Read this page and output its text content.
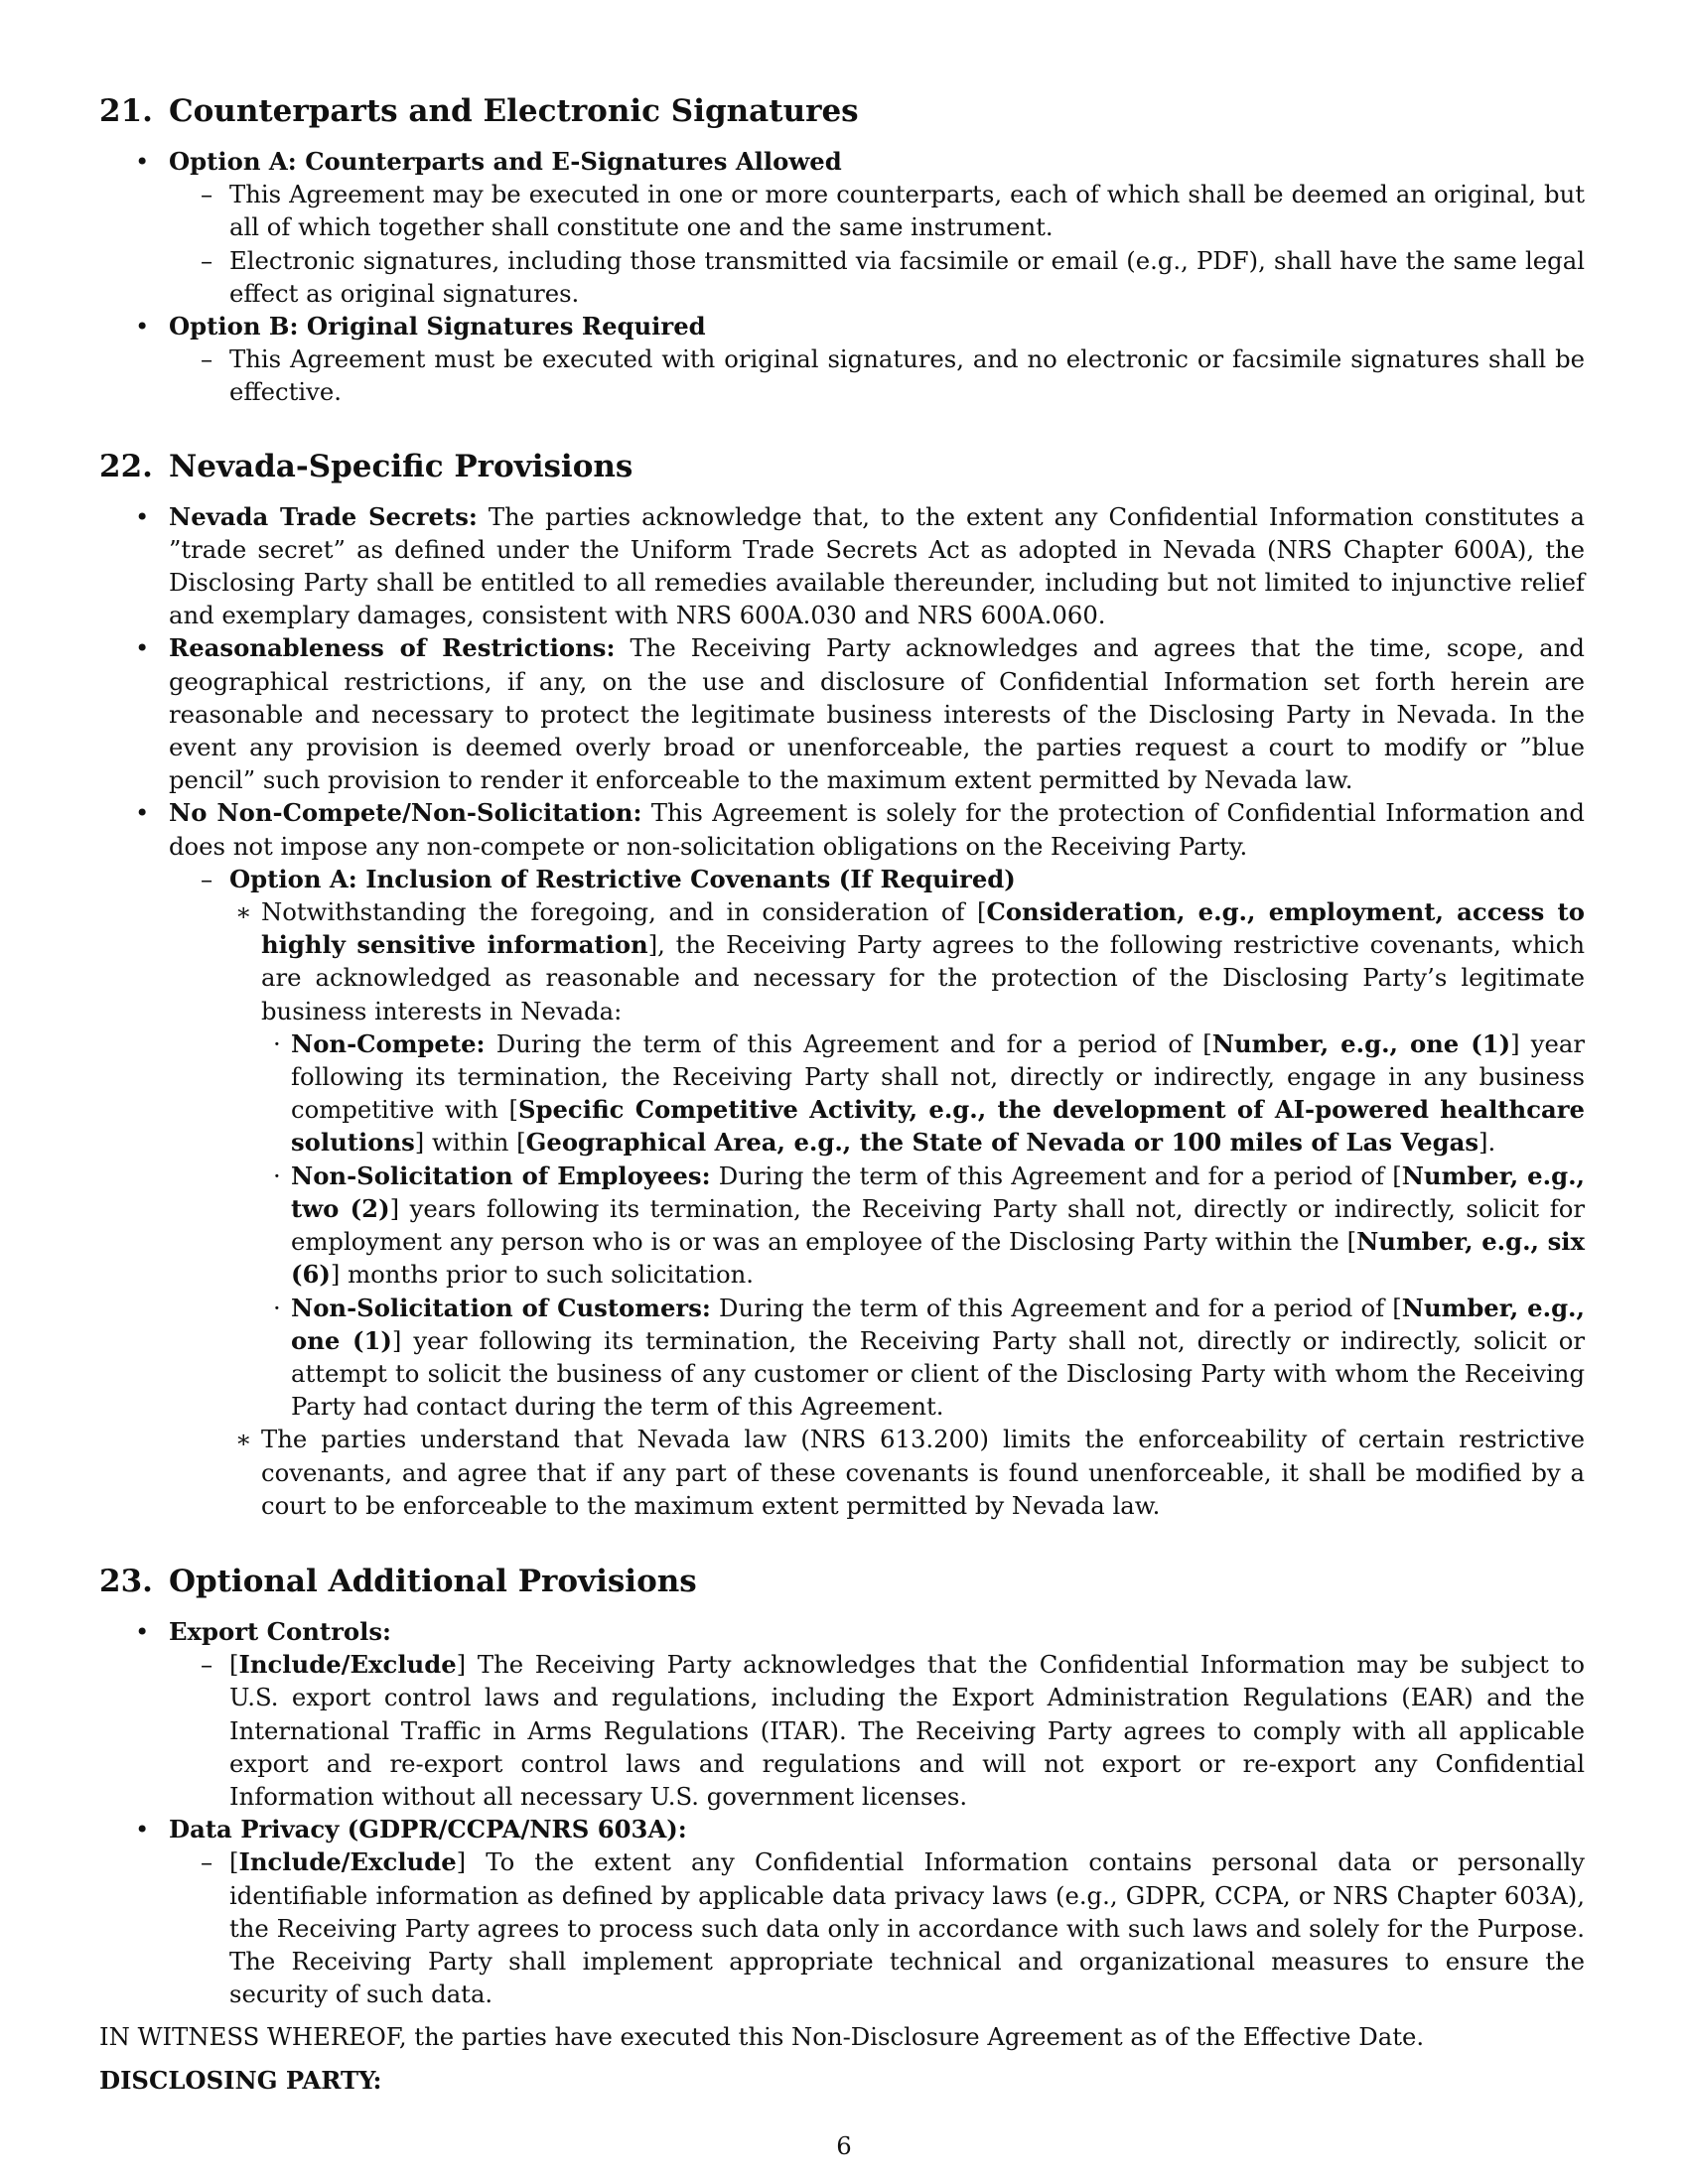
21. Counterparts and Electronic Signatures
• Option A: Counterparts and E-Signatures Allowed
– This Agreement may be executed in one or more counterparts, each of which shall be deemed an original, but all of which together shall constitute one and the same instrument.
– Electronic signatures, including those transmitted via facsimile or email (e.g., PDF), shall have the same legal effect as original signatures.
• Option B: Original Signatures Required
– This Agreement must be executed with original signatures, and no electronic or facsimile signatures shall be effective.
22. Nevada-Specific Provisions
• Nevada Trade Secrets: The parties acknowledge that, to the extent any Confidential Information constitutes a ”trade secret” as defined under the Uniform Trade Secrets Act as adopted in Nevada (NRS Chapter 600A), the Disclosing Party shall be entitled to all remedies available thereunder, including but not limited to injunctive relief and exemplary damages, consistent with NRS 600A.030 and NRS 600A.060.
• Reasonableness of Restrictions: The Receiving Party acknowledges and agrees that the time, scope, and geographical restrictions, if any, on the use and disclosure of Confidential Information set forth herein are reasonable and necessary to protect the legitimate business interests of the Disclosing Party in Nevada. In the event any provision is deemed overly broad or unenforceable, the parties request a court to modify or ”blue pencil” such provision to render it enforceable to the maximum extent permitted by Nevada law.
• No Non-Compete/Non-Solicitation: This Agreement is solely for the protection of Confidential Information and does not impose any non-compete or non-solicitation obligations on the Receiving Party.
– Option A: Inclusion of Restrictive Covenants (If Required)
∗ Notwithstanding the foregoing, and in consideration of [Consideration, e.g., employment, access to highly sensitive information], the Receiving Party agrees to the following restrictive covenants, which are acknowledged as reasonable and necessary for the protection of the Disclosing Party’s legitimate business interests in Nevada:
· Non-Compete: During the term of this Agreement and for a period of [Number, e.g., one (1)] year following its termination, the Receiving Party shall not, directly or indirectly, engage in any business competitive with [Specific Competitive Activity, e.g., the development of AI-powered healthcare solutions] within [Geographical Area, e.g., the State of Nevada or 100 miles of Las Vegas].
· Non-Solicitation of Employees: During the term of this Agreement and for a period of [Number, e.g., two (2)] years following its termination, the Receiving Party shall not, directly or indirectly, solicit for employment any person who is or was an employee of the Disclosing Party within the [Number, e.g., six (6)] months prior to such solicitation.
· Non-Solicitation of Customers: During the term of this Agreement and for a period of [Number, e.g., one (1)] year following its termination, the Receiving Party shall not, directly or indirectly, solicit or attempt to solicit the business of any customer or client of the Disclosing Party with whom the Receiving Party had contact during the term of this Agreement.
∗ The parties understand that Nevada law (NRS 613.200) limits the enforceability of certain restrictive covenants, and agree that if any part of these covenants is found unenforceable, it shall be modified by a court to be enforceable to the maximum extent permitted by Nevada law.
23. Optional Additional Provisions
• Export Controls:
– [Include/Exclude] The Receiving Party acknowledges that the Confidential Information may be subject to U.S. export control laws and regulations, including the Export Administration Regulations (EAR) and the International Traffic in Arms Regulations (ITAR). The Receiving Party agrees to comply with all applicable export and re-export control laws and regulations and will not export or re-export any Confidential Information without all necessary U.S. government licenses.
• Data Privacy (GDPR/CCPA/NRS 603A):
– [Include/Exclude] To the extent any Confidential Information contains personal data or personally identifiable information as defined by applicable data privacy laws (e.g., GDPR, CCPA, or NRS Chapter 603A), the Receiving Party agrees to process such data only in accordance with such laws and solely for the Purpose. The Receiving Party shall implement appropriate technical and organizational measures to ensure the security of such data.
IN WITNESS WHEREOF, the parties have executed this Non-Disclosure Agreement as of the Effective Date.
DISCLOSING PARTY:
6
